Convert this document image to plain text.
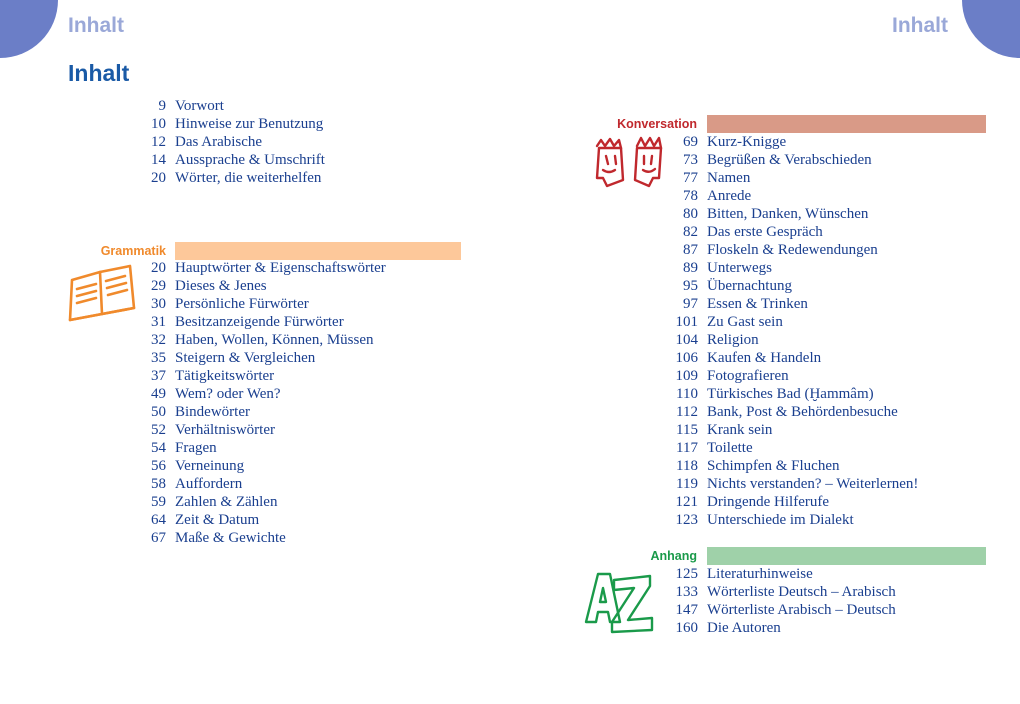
Inhalt	Inhalt
Inhalt
9 Vorwort
10 Hinweise zur Benutzung
12 Das Arabische
14 Aussprache & Umschrift
20 Wörter, die weiterhelfen
Grammatik
20 Hauptwörter & Eigenschaftswörter
29 Dieses & Jenes
30 Persönliche Fürwörter
31 Besitzanzeigende Fürwörter
32 Haben, Wollen, Können, Müssen
35 Steigern & Vergleichen
37 Tätigkeitswörter
49 Wem? oder Wen?
50 Bindewörter
52 Verhältniswörter
54 Fragen
56 Verneinung
58 Auffordern
59 Zahlen & Zählen
64 Zeit & Datum
67 Maße & Gewichte
Konversation
69 Kurz-Knigge
73 Begrüßen & Verabschieden
77 Namen
78 Anrede
80 Bitten, Danken, Wünschen
82 Das erste Gespräch
87 Floskeln & Redewendungen
89 Unterwegs
95 Übernachtung
97 Essen & Trinken
101 Zu Gast sein
104 Religion
106 Kaufen & Handeln
109 Fotografieren
110 Türkisches Bad (Ḫammâm)
112 Bank, Post & Behördenbesuche
115 Krank sein
117 Toilette
118 Schimpfen & Fluchen
119 Nichts verstanden? – Weiterlernen!
121 Dringende Hilferufe
123 Unterschiede im Dialekt
Anhang
125 Literaturhinweise
133 Wörterliste Deutsch – Arabisch
147 Wörterliste Arabisch – Deutsch
160 Die Autoren
